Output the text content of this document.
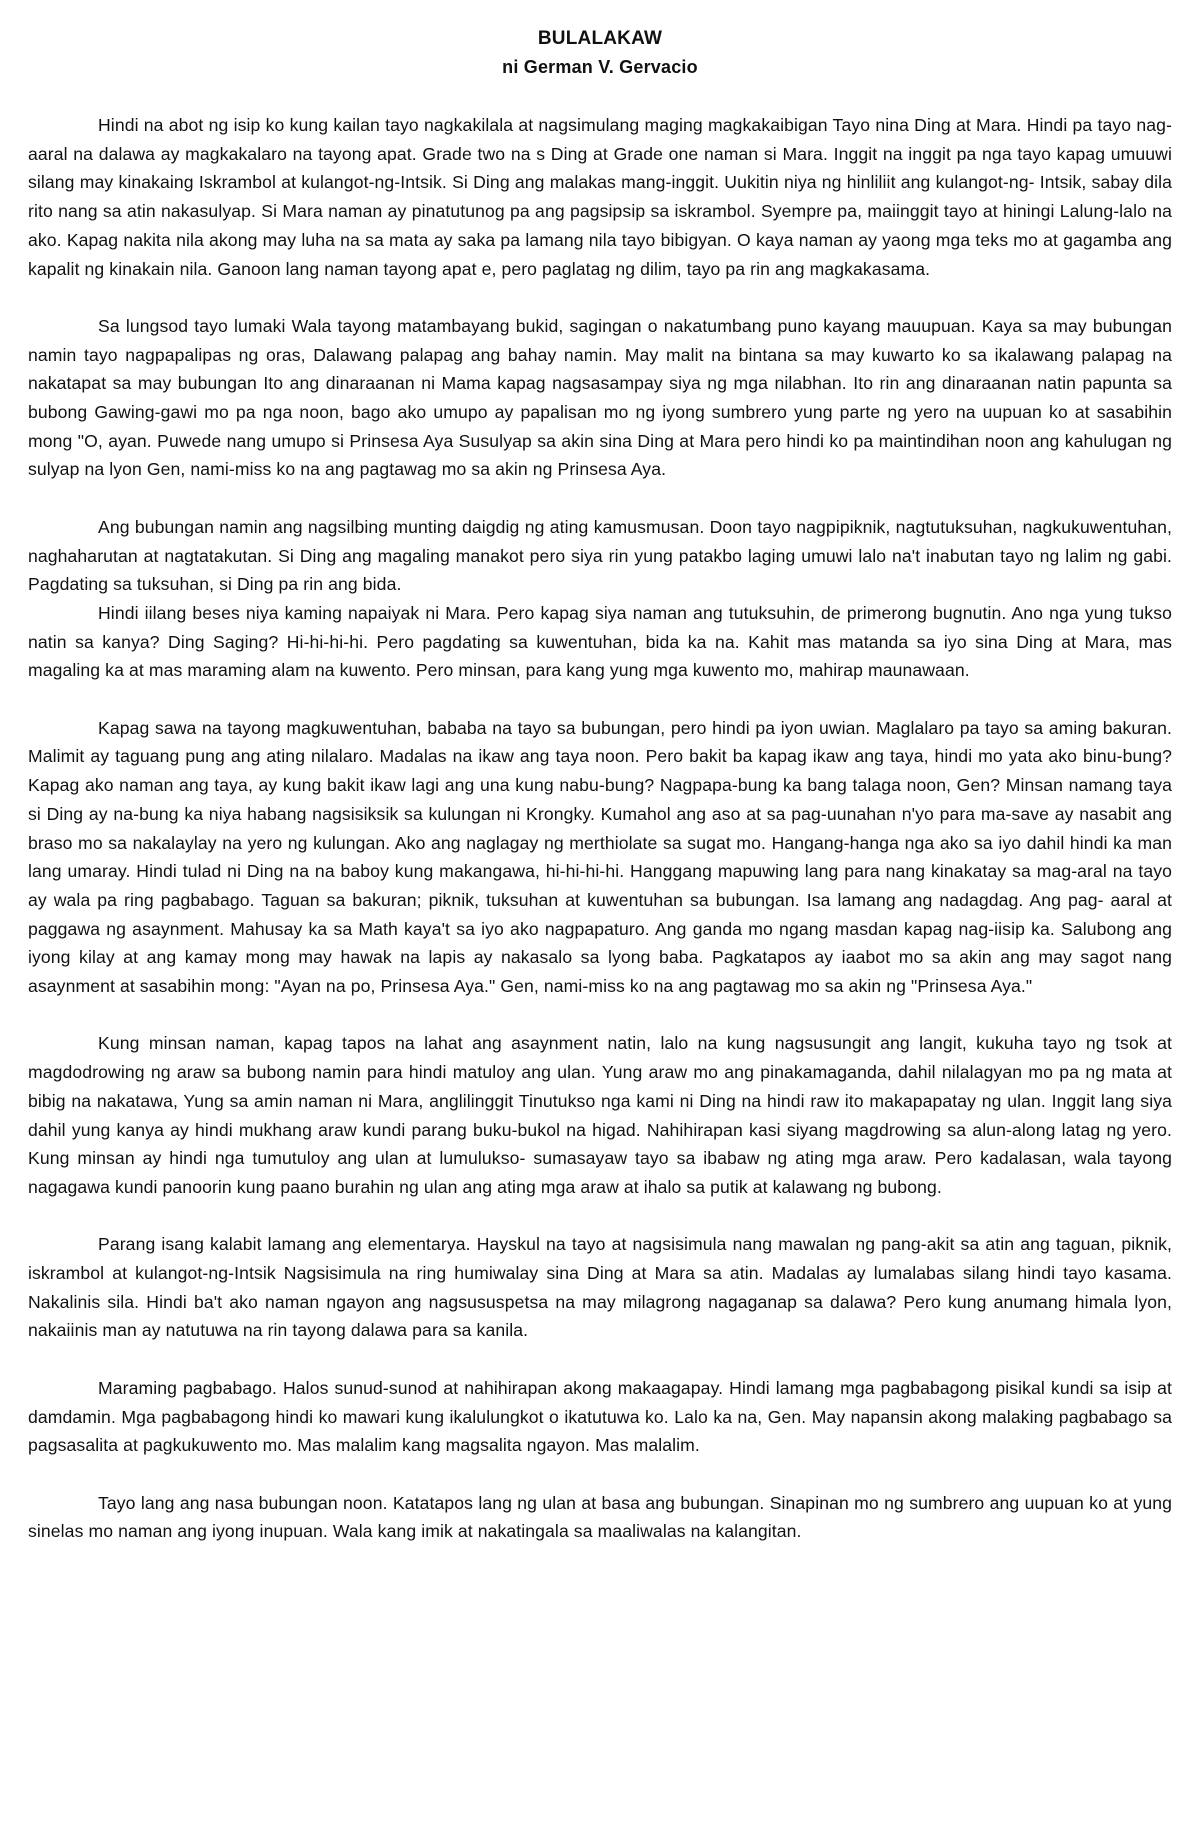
BULALAKAW
ni German V. Gervacio

Hindi na abot ng isip ko kung kailan tayo nagkakilala at nagsimulang maging magkakaibigan Tayo nina Ding at Mara. Hindi pa tayo nag-aaral na dalawa ay magkakalaro na tayong apat. Grade two na s Ding at Grade one naman si Mara. Inggit na inggit pa nga tayo kapag umuuwi silang may kinakaing Iskrambol at kulangot-ng-Intsik. Si Ding ang malakas mang-inggit. Uukitin niya ng hinliliit ang kulangot-ng- Intsik, sabay dila rito nang sa atin nakasulyap. Si Mara naman ay pinatutunog pa ang pagsipsip sa iskrambol. Syempre pa, maiinggit tayo at hiningi Lalung-lalo na ako. Kapag nakita nila akong may luha na sa mata ay saka pa lamang nila tayo bibigyan. O kaya naman ay yaong mga teks mo at gagamba ang kapalit ng kinakain nila. Ganoon lang naman tayong apat e, pero paglatag ng dilim, tayo pa rin ang magkakasama.

Sa lungsod tayo lumaki Wala tayong matambayang bukid, sagingan o nakatumbang puno kayang mauupuan. Kaya sa may bubungan namin tayo nagpapalipas ng oras, Dalawang palapag ang bahay namin. May malit na bintana sa may kuwarto ko sa ikalawang palapag na nakatapat sa may bubungan Ito ang dinaraanan ni Mama kapag nagsasampay siya ng mga nilabhan. Ito rin ang dinaraanan natin papunta sa bubong Gawing-gawi mo pa nga noon, bago ako umupo ay papalisan mo ng iyong sumbrero yung parte ng yero na uupuan ko at sasabihin mong "O, ayan. Puwede nang umupo si Prinsesa Aya Susulyap sa akin sina Ding at Mara pero hindi ko pa maintindihan noon ang kahulugan ng sulyap na lyon Gen, nami-miss ko na ang pagtawag mo sa akin ng Prinsesa Aya.

Ang bubungan namin ang nagsilbing munting daigdig ng ating kamusmusan. Doon tayo nagpipiknik, nagtutuksuhan, nagkukuwentuhan, naghaharutan at nagtatakutan. Si Ding ang magaling manakot pero siya rin yung patakbo laging umuwi lalo na't inabutan tayo ng lalim ng gabi. Pagdating sa tuksuhan, si Ding pa rin ang bida.

Hindi iilang beses niya kaming napaiyak ni Mara. Pero kapag siya naman ang tutuksuhin, de primerong bugnutin. Ano nga yung tukso natin sa kanya? Ding Saging? Hi-hi-hi-hi. Pero pagdating sa kuwentuhan, bida ka na. Kahit mas matanda sa iyo sina Ding at Mara, mas magaling ka at mas maraming alam na kuwento. Pero minsan, para kang yung mga kuwento mo, mahirap maunawaan.

Kapag sawa na tayong magkuwentuhan, bababa na tayo sa bubungan, pero hindi pa iyon uwian. Maglalaro pa tayo sa aming bakuran. Malimit ay taguang pung ang ating nilalaro. Madalas na ikaw ang taya noon. Pero bakit ba kapag ikaw ang taya, hindi mo yata ako binu-bung? Kapag ako naman ang taya, ay kung bakit ikaw lagi ang una kung nabu-bung? Nagpapa-bung ka bang talaga noon, Gen? Minsan namang taya si Ding ay na-bung ka niya habang nagsisiksik sa kulungan ni Krongky. Kumahol ang aso at sa pag-uunahan n'yo para ma-save ay nasabit ang braso mo sa nakalaylay na yero ng kulungan. Ako ang naglagay ng merthiolate sa sugat mo. Hangang-hanga nga ako sa iyo dahil hindi ka man lang umaray. Hindi tulad ni Ding na na baboy kung makangawa, hi-hi-hi-hi. Hanggang mapuwing lang para nang kinakatay sa mag-aral na tayo ay wala pa ring pagbabago. Taguan sa bakuran; piknik, tuksuhan at kuwentuhan sa bubungan. Isa lamang ang nadagdag. Ang pag- aaral at paggawa ng asaynment. Mahusay ka sa Math kaya't sa iyo ako nagpapaturo. Ang ganda mo ngang masdan kapag nag-iisip ka. Salubong ang iyong kilay at ang kamay mong may hawak na lapis ay nakasalo sa lyong baba. Pagkatapos ay iaabot mo sa akin ang may sagot nang asaynment at sasabihin mong: "Ayan na po, Prinsesa Aya." Gen, nami-miss ko na ang pagtawag mo sa akin ng "Prinsesa Aya."

Kung minsan naman, kapag tapos na lahat ang asaynment natin, lalo na kung nagsusungit ang langit, kukuha tayo ng tsok at magdodrowing ng araw sa bubong namin para hindi matuloy ang ulan. Yung araw mo ang pinakamaganda, dahil nilalagyan mo pa ng mata at bibig na nakatawa, Yung sa amin naman ni Mara, anglilinggit Tinutukso nga kami ni Ding na hindi raw ito makapapatay ng ulan. Inggit lang siya dahil yung kanya ay hindi mukhang araw kundi parang buku-bukol na higad. Nahihirapan kasi siyang magdrowing sa alun-along latag ng yero. Kung minsan ay hindi nga tumutuloy ang ulan at lumulukso- sumasayaw tayo sa ibabaw ng ating mga araw. Pero kadalasan, wala tayong nagagawa kundi panoorin kung paano burahin ng ulan ang ating mga araw at ihalo sa putik at kalawang ng bubong.

Parang isang kalabit lamang ang elementarya. Hayskul na tayo at nagsisimula nang mawalan ng pang-akit sa atin ang taguan, piknik, iskrambol at kulangot-ng-Intsik Nagsisimula na ring humiwalay sina Ding at Mara sa atin. Madalas ay lumalabas silang hindi tayo kasama. Nakalinis sila. Hindi ba't ako naman ngayon ang nagsususpetsa na may milagrong nagaganap sa dalawa? Pero kung anumang himala lyon, nakaiinis man ay natutuwa na rin tayong dalawa para sa kanila.

Maraming pagbabago. Halos sunud-sunod at nahihirapan akong makaagapay. Hindi lamang mga pagbabagong pisikal kundi sa isip at damdamin. Mga pagbabagong hindi ko mawari kung ikalulungkot o ikatutuwa ko. Lalo ka na, Gen. May napansin akong malaking pagbabago sa pagsasalita at pagkukuwento mo. Mas malalim kang magsalita ngayon. Mas malalim.

Tayo lang ang nasa bubungan noon. Katatapos lang ng ulan at basa ang bubungan. Sinapinan mo ng sumbrero ang uupuan ko at yung sinelas mo naman ang iyong inupuan. Wala kang imik at nakatingala sa maaliwalas na kalangitan.
